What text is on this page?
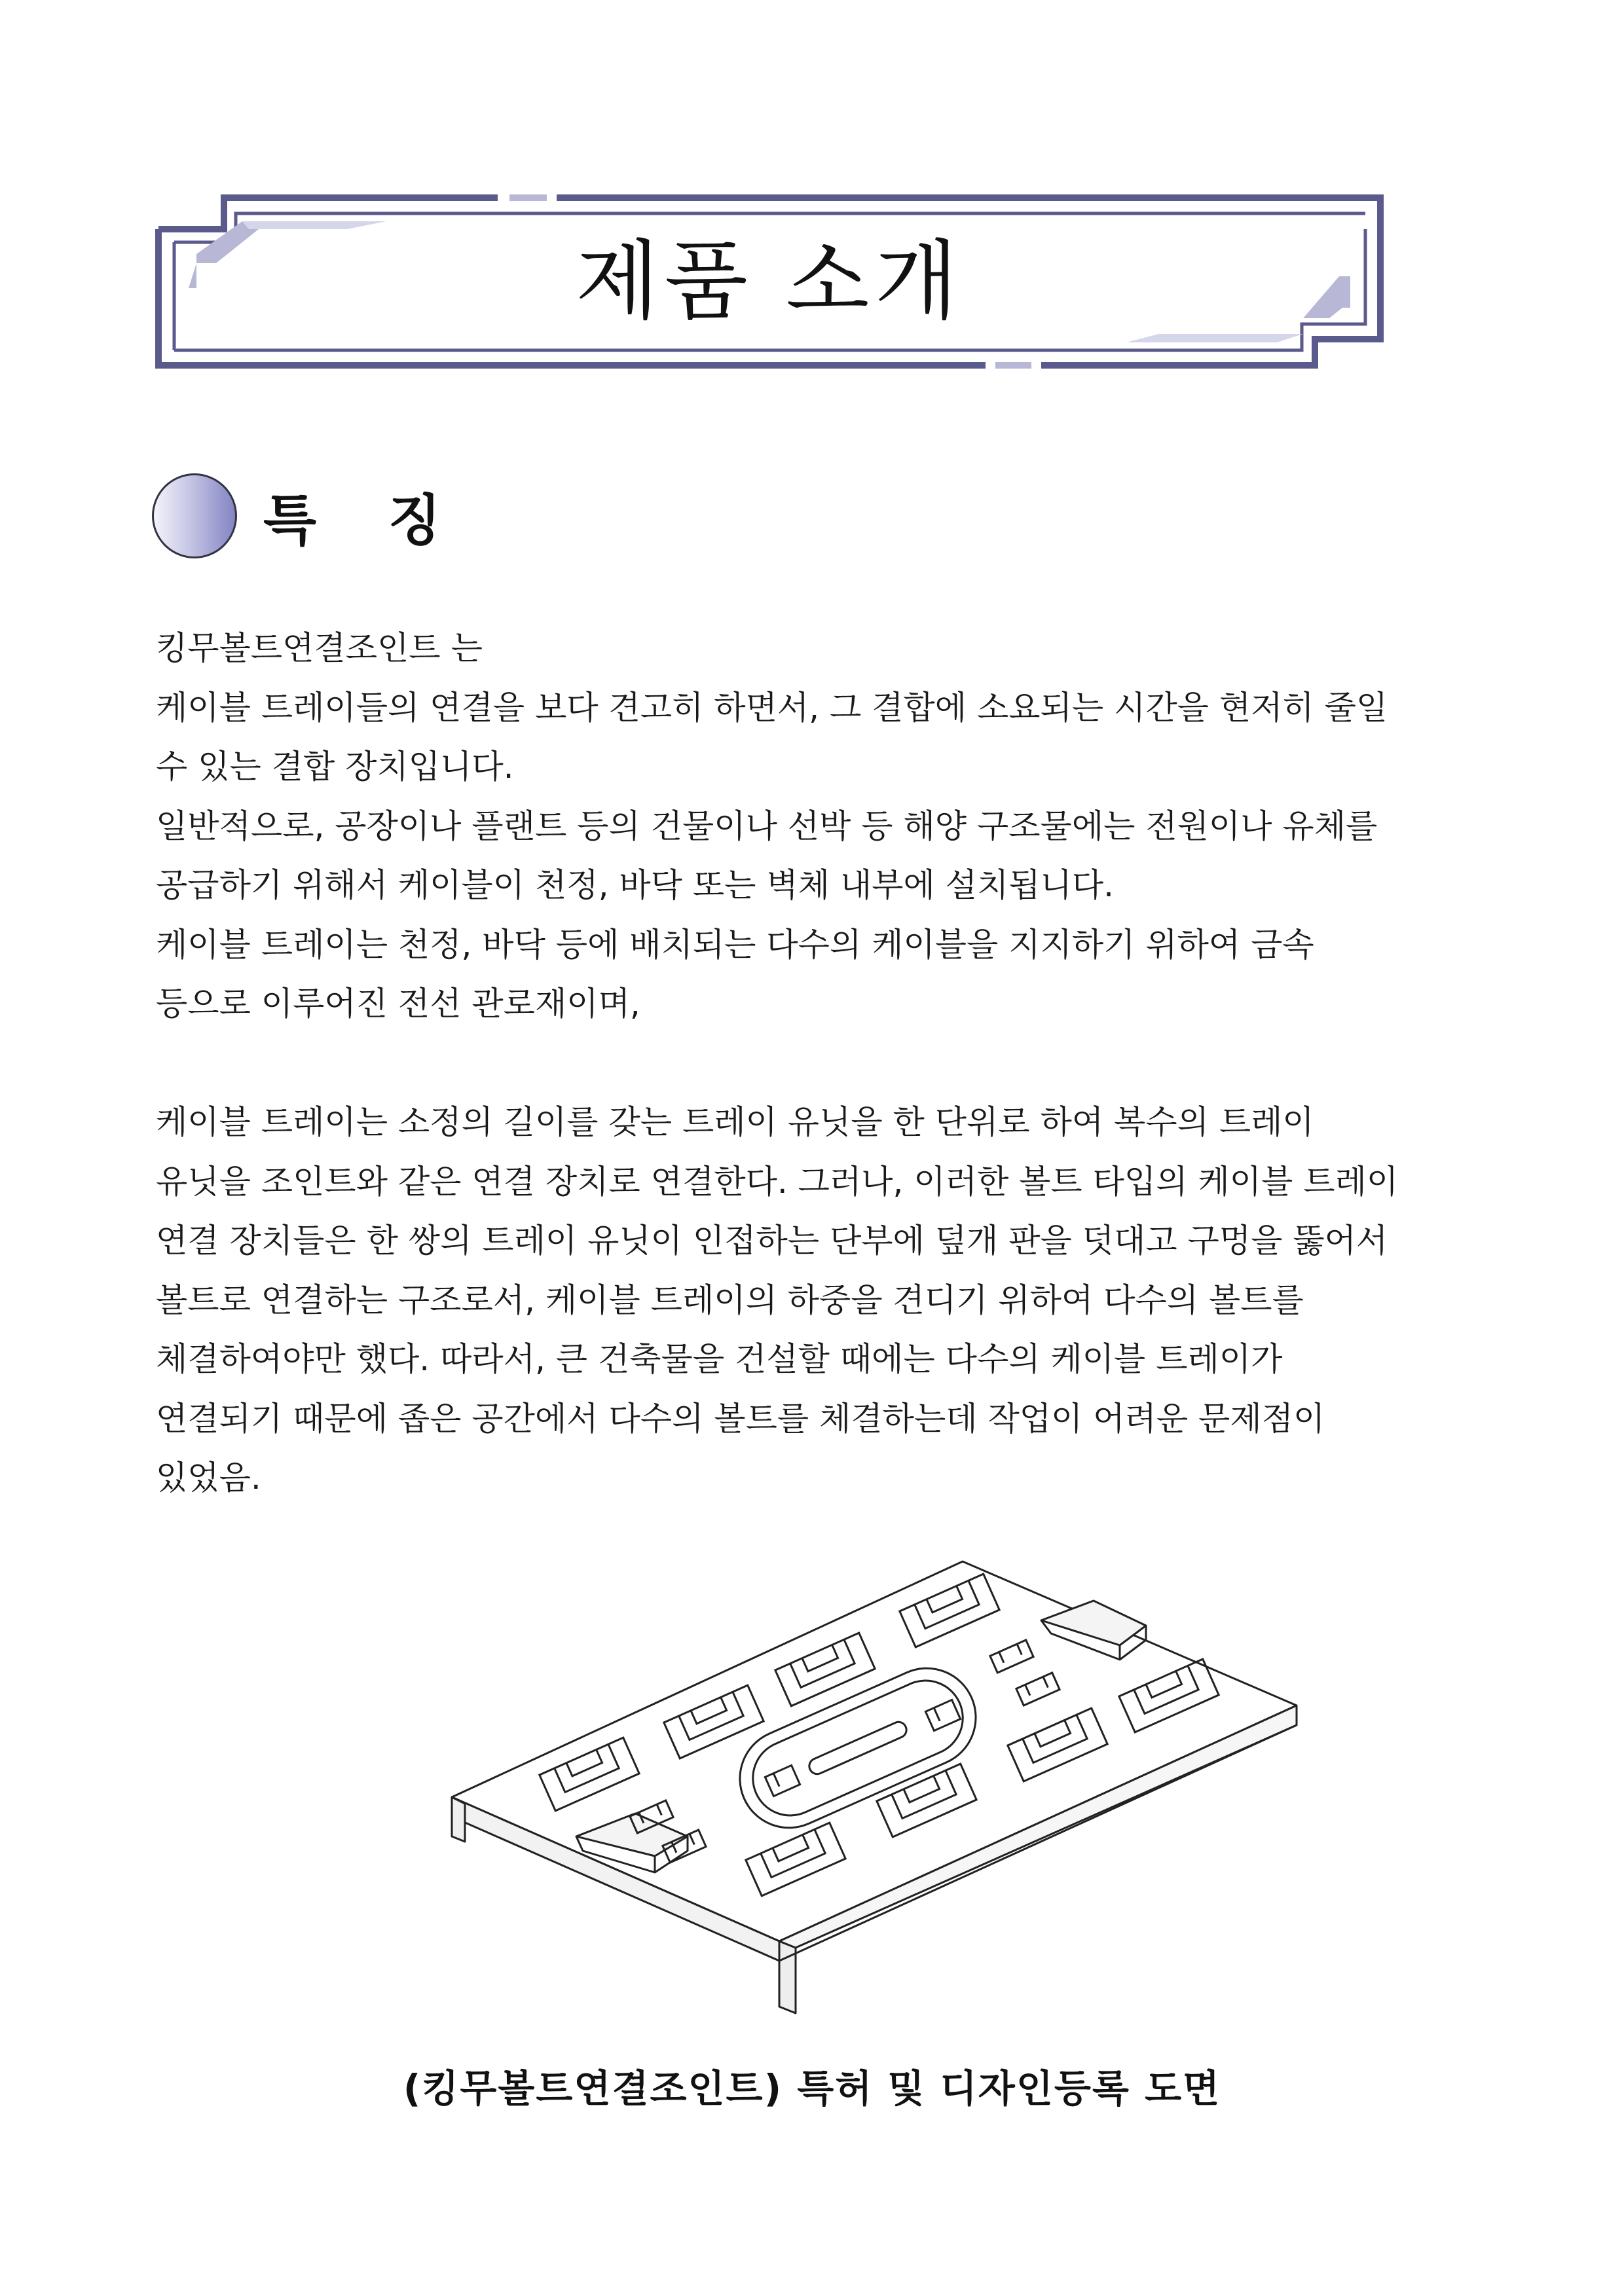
제품 소개
특 징
킹무볼트연결조인트 는
케이블 트레이들의 연결을 보다 견고히 하면서, 그 결합에 소요되는 시간을 현저히 줄일
수 있는 결합 장치입니다.
일반적으로, 공장이나 플랜트 등의 건물이나 선박 등 해양 구조물에는 전원이나 유체를
공급하기 위해서 케이블이 천정, 바닥 또는 벽체 내부에 설치됩니다.
케이블 트레이는 천정, 바닥 등에 배치되는 다수의 케이블을 지지하기 위하여 금속
등으로 이루어진 전선 관로재이며,
케이블 트레이는 소정의 길이를 갖는 트레이 유닛을 한 단위로 하여 복수의 트레이
유닛을 조인트와 같은 연결 장치로 연결한다. 그러나, 이러한 볼트 타입의 케이블 트레이
연결 장치들은 한 쌍의 트레이 유닛이 인접하는 단부에 덮개 판을 덧대고 구멍을 뚫어서
볼트로 연결하는 구조로서, 케이블 트레이의 하중을 견디기 위하여 다수의 볼트를
체결하여야만 했다. 따라서, 큰 건축물을 건설할 때에는 다수의 케이블 트레이가
연결되기 때문에 좁은 공간에서 다수의 볼트를 체결하는데 작업이 어려운 문제점이
있었음.
(킹무볼트연결조인트) 특허 및 디자인등록 도면
